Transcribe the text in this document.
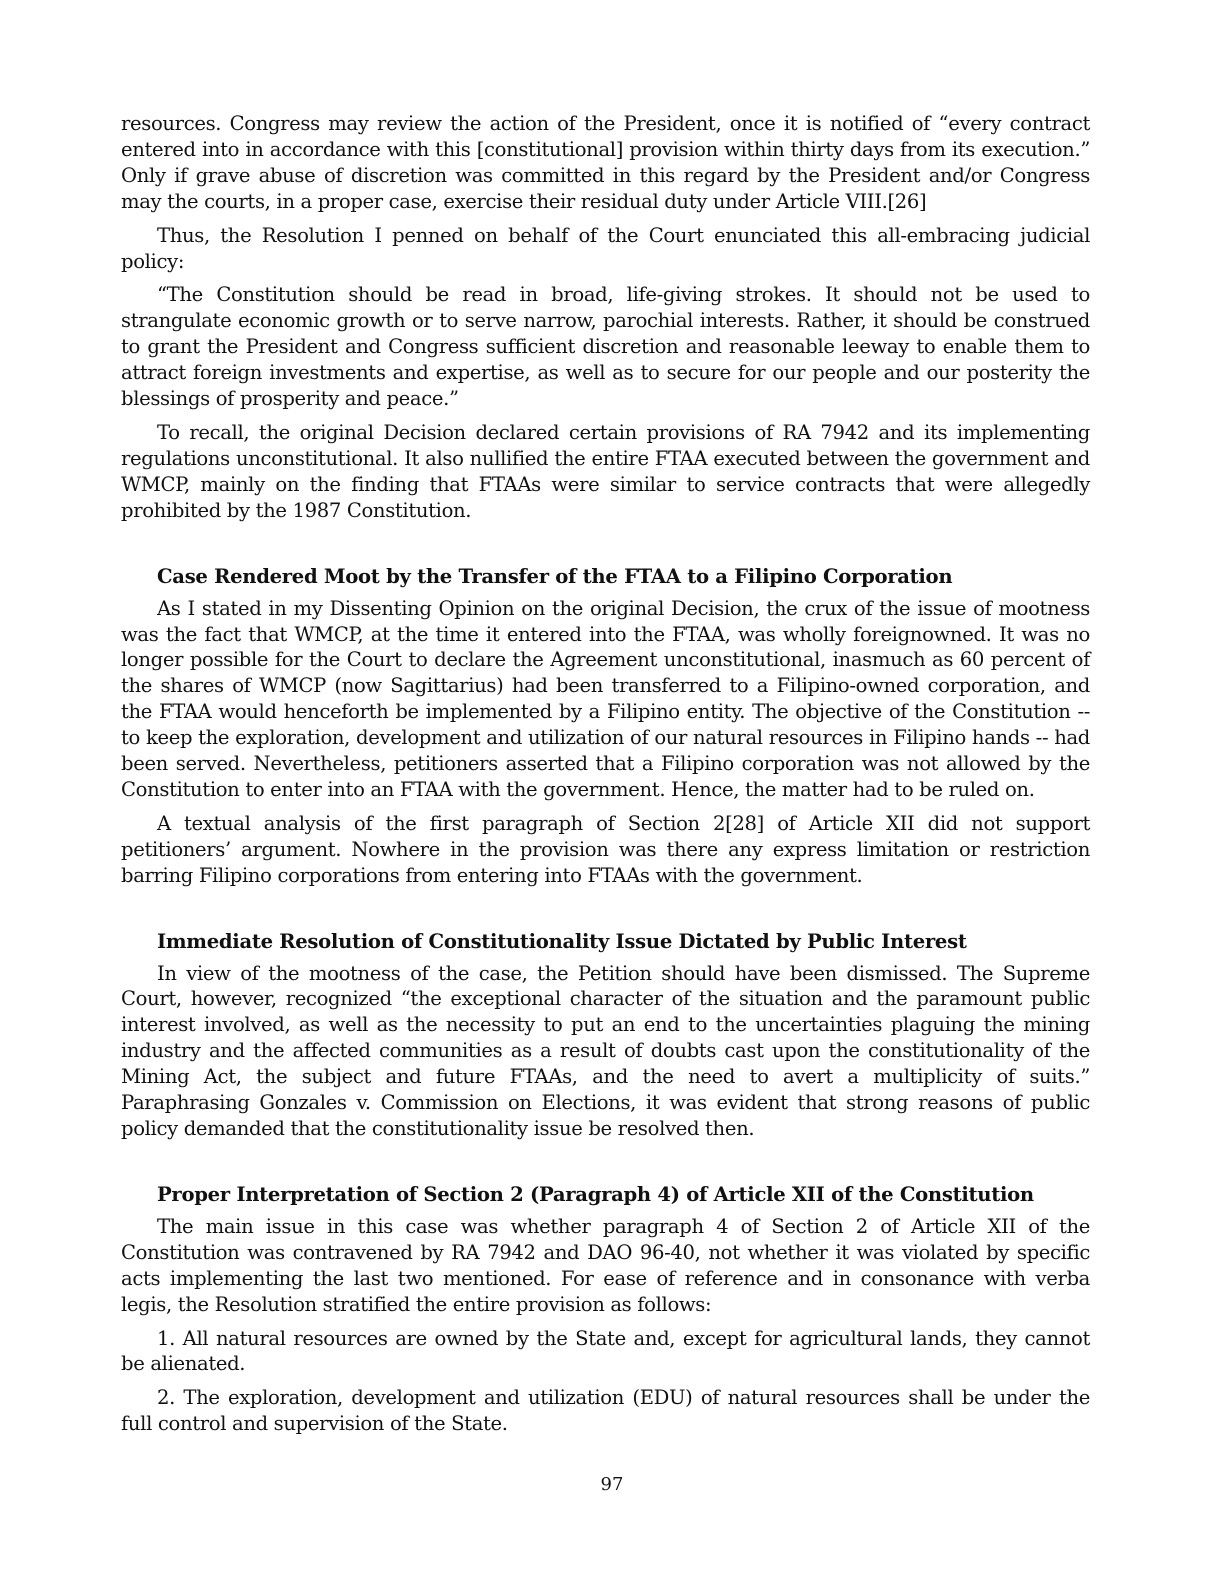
resources. Congress may review the action of the President, once it is notified of “every contract entered into in accordance with this [constitutional] provision within thirty days from its execution.” Only if grave abuse of discretion was committed in this regard by the President and/or Congress may the courts, in a proper case, exercise their residual duty under Article VIII.[26]

Thus, the Resolution I penned on behalf of the Court enunciated this all-embracing judicial policy:

“The Constitution should be read in broad, life-giving strokes. It should not be used to strangulate economic growth or to serve narrow, parochial interests. Rather, it should be construed to grant the President and Congress sufficient discretion and reasonable leeway to enable them to attract foreign investments and expertise, as well as to secure for our people and our posterity the blessings of prosperity and peace.”

To recall, the original Decision declared certain provisions of RA 7942 and its implementing regulations unconstitutional. It also nullified the entire FTAA executed between the government and WMCP, mainly on the finding that FTAAs were similar to service contracts that were allegedly prohibited by the 1987 Constitution.

Case Rendered Moot by the Transfer of the FTAA to a Filipino Corporation

As I stated in my Dissenting Opinion on the original Decision, the crux of the issue of mootness was the fact that WMCP, at the time it entered into the FTAA, was wholly foreignowned. It was no longer possible for the Court to declare the Agreement unconstitutional, inasmuch as 60 percent of the shares of WMCP (now Sagittarius) had been transferred to a Filipino-owned corporation, and the FTAA would henceforth be implemented by a Filipino entity. The objective of the Constitution -- to keep the exploration, development and utilization of our natural resources in Filipino hands -- had been served. Nevertheless, petitioners asserted that a Filipino corporation was not allowed by the Constitution to enter into an FTAA with the government. Hence, the matter had to be ruled on.

A textual analysis of the first paragraph of Section 2[28] of Article XII did not support petitioners’ argument. Nowhere in the provision was there any express limitation or restriction barring Filipino corporations from entering into FTAAs with the government.

Immediate Resolution of Constitutionality Issue Dictated by Public Interest

In view of the mootness of the case, the Petition should have been dismissed. The Supreme Court, however, recognized “the exceptional character of the situation and the paramount public interest involved, as well as the necessity to put an end to the uncertainties plaguing the mining industry and the affected communities as a result of doubts cast upon the constitutionality of the Mining Act, the subject and future FTAAs, and the need to avert a multiplicity of suits.” Paraphrasing Gonzales v. Commission on Elections, it was evident that strong reasons of public policy demanded that the constitutionality issue be resolved then.

Proper Interpretation of Section 2 (Paragraph 4) of Article XII of the Constitution

The main issue in this case was whether paragraph 4 of Section 2 of Article XII of the Constitution was contravened by RA 7942 and DAO 96-40, not whether it was violated by specific acts implementing the last two mentioned. For ease of reference and in consonance with verba legis, the Resolution stratified the entire provision as follows:

1. All natural resources are owned by the State and, except for agricultural lands, they cannot be alienated.

2. The exploration, development and utilization (EDU) of natural resources shall be under the full control and supervision of the State.

97
